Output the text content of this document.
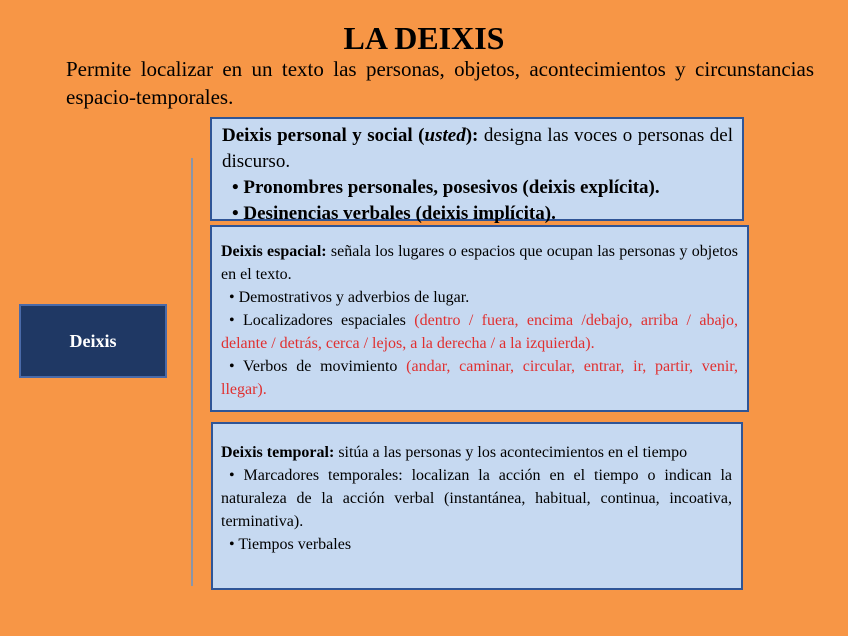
LA DEIXIS
Permite localizar en un texto las personas, objetos, acontecimientos y circunstancias espacio-temporales.
Deixis

Deixis personal y social (usted): designa las voces o personas del discurso.

• Pronombres personales, posesivos (deixis explícita).

• Desinencias verbales (deixis implícita).

Deixis espacial: señala los lugares o espacios que ocupan las personas y objetos en el texto.

• Demostrativos y adverbios de lugar.

• Localizadores espaciales (dentro / fuera, encima /debajo, arriba / abajo, delante / detrás, cerca / lejos, a la derecha / a la izquierda).

• Verbos de movimiento (andar, caminar, circular, entrar, ir, partir, venir, llegar).

Deixis temporal: sitúa a las personas y los acontecimientos en el tiempo

• Marcadores temporales: localizan la acción en el tiempo o indican la naturaleza de la acción verbal (instantánea, habitual, continua, incoativa, terminativa).

• Tiempos verbales
